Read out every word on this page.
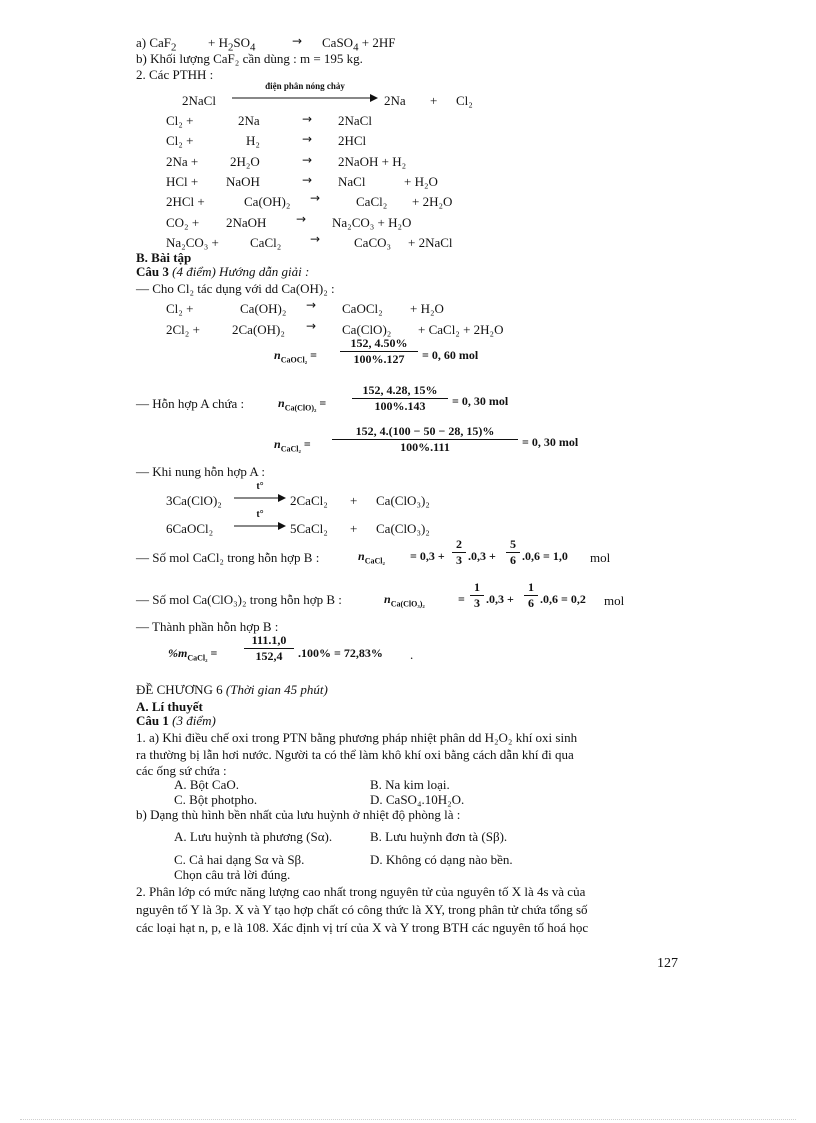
a) $CaF_2 + H_2SO_4$	→ CaSO$_4$ + 2HF
b) Khối lượng CaF₂ cần dùng : m = 195 kg.
2. Các PTHH :
2NaCl
điện phân nóng chảy
2Na + Cl₂
Cl₂ +	2Na	→ 2NaCl
Cl₂ +	H₂	→ 2HCl
2Na + 2H₂O	→ 2NaOH + H₂
HCl + NaOH	→ NaCl	+ H₂O
2HCl +	Ca(OH)₂ →	CaCl₂ + 2H₂O
CO₂ + 2NaOH → Na₂CO₃ + H₂O
Na₂CO₃ + CaCl₂ →	CaCO₃ + 2NaCl
B. Bài tập
Câu 3 (4 điểm) Hướng dẫn giải :
— Cho Cl₂ tác dụng với dd Ca(OH)₂ :
Cl₂ +	Ca(OH)₂ → CaOCl₂ + H₂O
2Cl₂ + 2Ca(OH)₂ → Ca(ClO)₂ + CaCl₂ + 2H₂O
$n_{CaOCl_2} = \frac{152, 4.50\%}{100\%.127} = 0$, 60 mol
— Hỗn hợp A chứa :	$n_{Ca(ClO)_2} = \frac{152, 4.28, 15\%}{100\%.143} = 0$, 30 mol
$n_{CaCl_2} = \frac{152, 4.(100 - 50 - 28, 15)\%}{100\%.111} = 0$, 30 mol
— Khi nung hỗn hợp A :
3Ca(ClO)₂
t°
2CaCl₂ + Ca(ClO₃)₂
6CaOCl₂
t°
5CaCl₂ + Ca(ClO₃)₂
— Số mol CaCl₂ trong hỗn hợp B :	$n_{CaCl_2} = 0,3 + \frac{2}{3} .0,3 + \frac{5}{6} .0,6 = 1,0$ mol
— Số mol Ca(ClO₃)₂ trong hỗn hợp B :	$n_{Ca(ClO_3)_2}$	= $\frac{1}{3} .0,3 + \frac{1}{6} .0,6 = 0,2$ mol
— Thành phần hỗn hợp B :
$\%m_{CaCl_2} = \frac{111.1,0}{152,4} .100\% = 72,83\%$ .
ĐỀ CHƯƠNG 6 (Thời gian 45 phút)
A. Lí thuyết
Câu 1 (3 điểm)
1. a) Khi điều chế oxi trong PTN bằng phương pháp nhiệt phân dd H₂O₂ khí oxi sinh
ra thường bị lẫn hơi nước. Người ta có thể làm khô khí oxi bằng cách dẫn khí đi qua
các ống sứ chứa :
A. Bột CaO.	B. Na kim loại.
C. Bột photpho.	D. CaSO₄.10H₂O.
b) Dạng thù hình bền nhất của lưu huỳnh ở nhiệt độ phòng là :
A. Lưu huỳnh tà phương (Sα).	B. Lưu huỳnh đơn tà (Sβ).
C. Cả hai dạng Sα và Sβ.	D. Không có dạng nào bền.
Chọn câu trả lời đúng.
2. Phân lớp có mức năng lượng cao nhất trong nguyên tử của nguyên tố X là 4s và của
nguyên tố Y là 3p. X và Y tạo hợp chất có công thức là XY, trong phân tử chứa tổng số
các loại hạt n, p, e là 108. Xác định vị trí của X và Y trong BTH các nguyên tố hoá học
127
